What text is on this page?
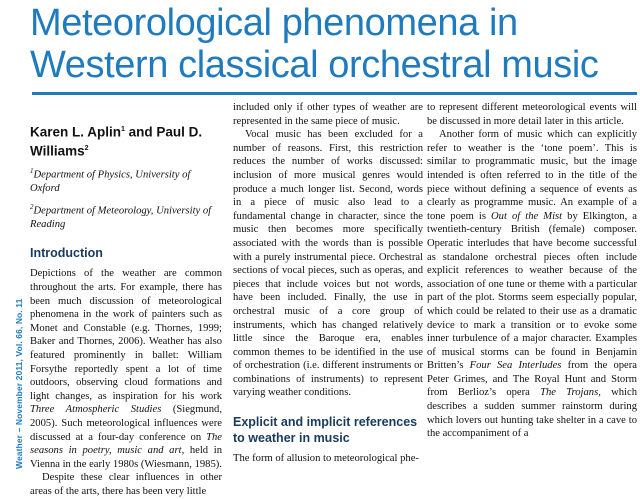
Meteorological phenomena in
Western classical orchestral music
Weather – November 2011, Vol. 66, No. 11
Karen L. Aplin$^1$ and Paul D. Williams$^2$

$^1$Department of Physics, University of Oxford

$^2$Department of Meteorology, University of Reading

Introduction

Depictions of the weather are common throughout the arts. For example, there has been much discussion of meteorological phenomena in the work of painters such as Monet and Constable (e.g. Thornes, 1999; Baker and Thornes, 2006). Weather has also featured prominently in ballet: William Forsythe reportedly spent a lot of time outdoors, observing cloud formations and light changes, as inspiration for his work Three Atmospheric Studies (Siegmund, 2005). Such meteorological influences were discussed at a four-day conference on The seasons in poetry, music and art, held in Vienna in the early 1980s (Wiesmann, 1985).

Despite these clear influences in other areas of the arts, there has been very little

included only if other types of weather are represented in the same piece of music.

Vocal music has been excluded for a number of reasons. First, this restriction reduces the number of works discussed: inclusion of more musical genres would produce a much longer list. Second, words in a piece of music also lead to a fundamental change in character, since the music then becomes more specifically associated with the words than is possible with a purely instrumental piece. Orchestral sections of vocal pieces, such as operas, and pieces that include voices but not words, have been included. Finally, the use in orchestral music of a core group of instruments, which has changed relatively little since the Baroque era, enables common themes to be identified in the use of orchestration (i.e. different instruments or combinations of instruments) to represent varying weather conditions.

Explicit and implicit references to weather in music

The form of allusion to meteorological phe-

to represent different meteorological events will be discussed in more detail later in this article.

Another form of music which can explicitly refer to weather is the ‘tone poem’. This is similar to programmatic music, but the image intended is often referred to in the title of the piece without defining a sequence of events as clearly as programme music. An example of a tone poem is Out of the Mist by Elkington, a twentieth-century British (female) composer. Operatic interludes that have become successful as standalone orchestral pieces often include explicit references to weather because of the association of one tune or theme with a particular part of the plot. Storms seem especially popular, which could be related to their use as a dramatic device to mark a transition or to evoke some inner turbulence of a major character. Examples of musical storms can be found in Benjamin Britten’s Four Sea Interludes from the opera Peter Grimes, and The Royal Hunt and Storm from Berlioz’s opera The Trojans, which describes a sudden summer rainstorm during which lovers out hunting take shelter in a cave to the accompaniment of a
